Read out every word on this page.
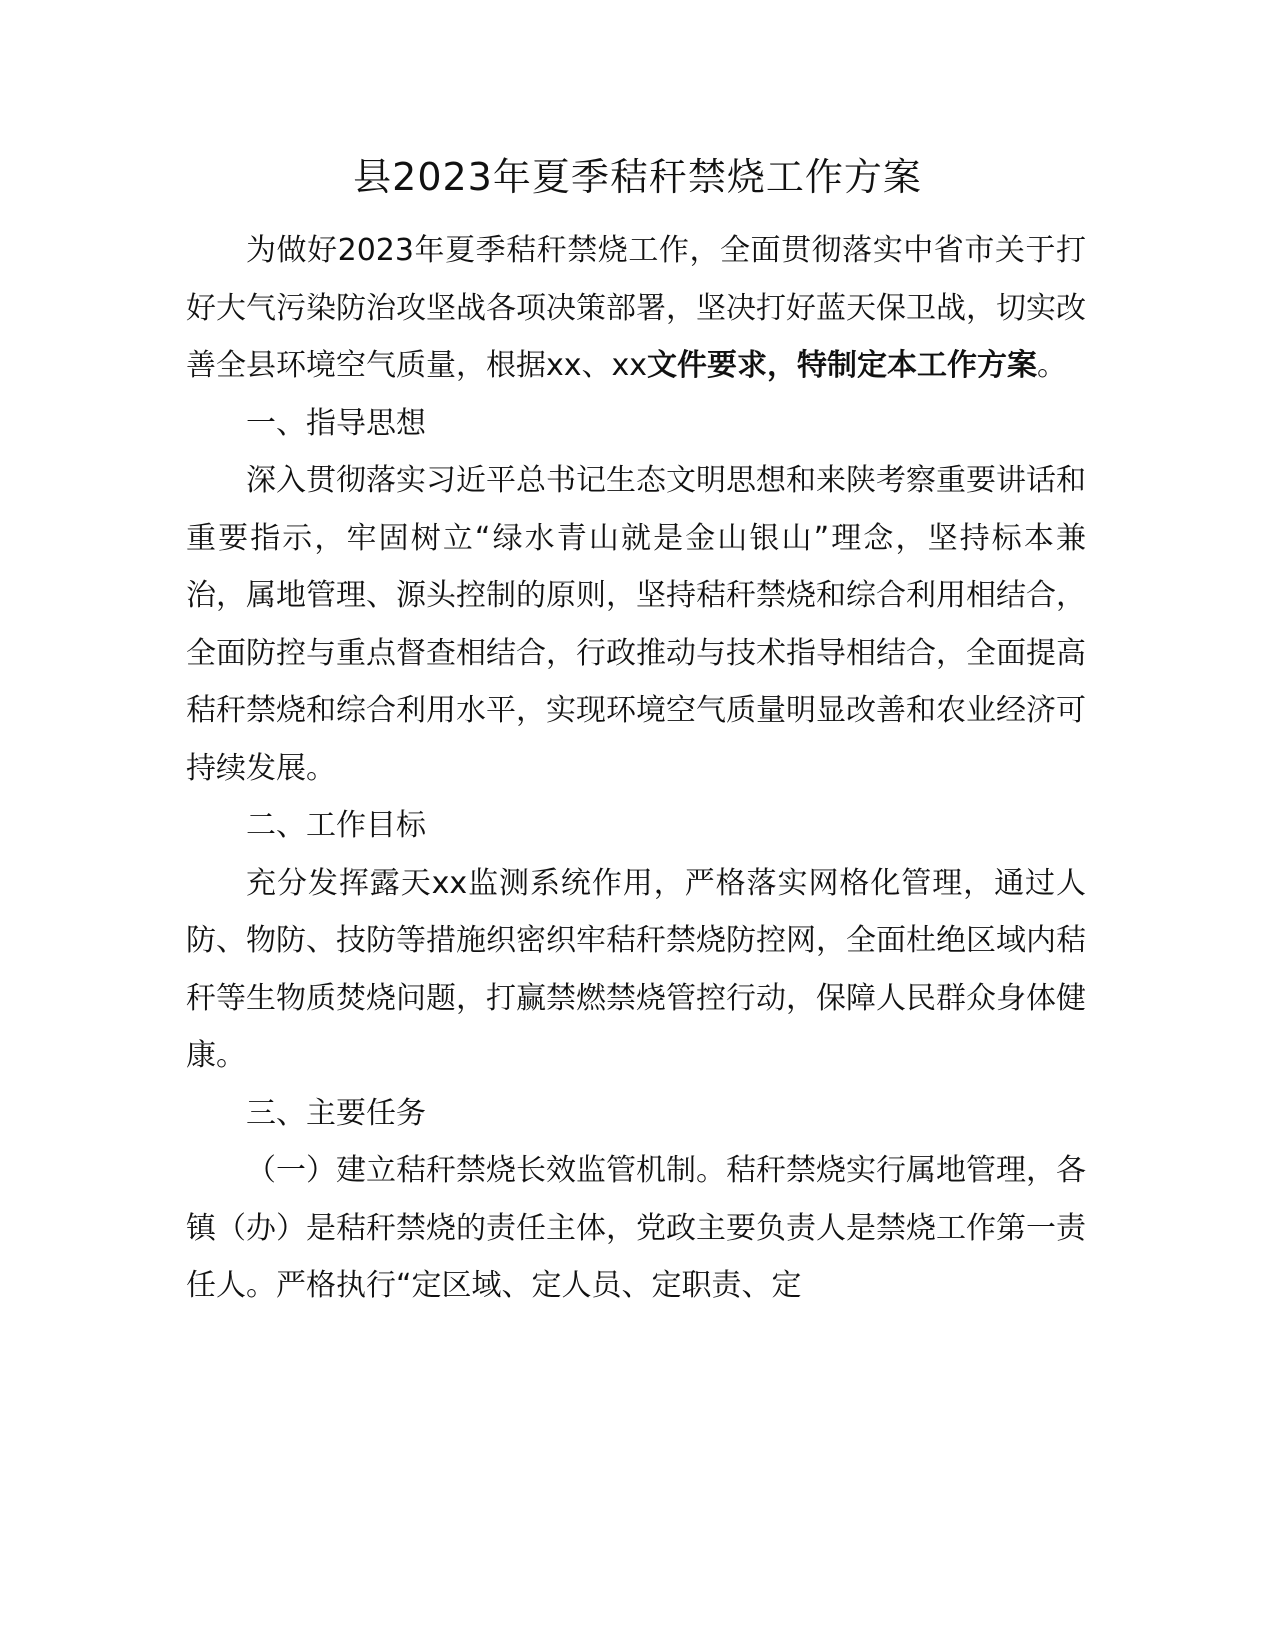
县2023年夏季秸秆禁烧工作方案

为做好2023年夏季秸秆禁烧工作，全面贯彻落实中省市关于打好大气污染防治攻坚战各项决策部署，坚决打好蓝天保卫战，切实改善全县环境空气质量，根据xx、xx文件要求，特制定本工作方案。

一、指导思想

深入贯彻落实习近平总书记生态文明思想和来陕考察重要讲话和重要指示，牢固树立“绿水青山就是金山银山”理念，坚持标本兼治，属地管理、源头控制的原则，坚持秸秆禁烧和综合利用相结合，全面防控与重点督查相结合，行政推动与技术指导相结合，全面提高秸秆禁烧和综合利用水平，实现环境空气质量明显改善和农业经济可持续发展。

二、工作目标

充分发挥露天xx监测系统作用，严格落实网格化管理，通过人防、物防、技防等措施织密织牢秸秆禁烧防控网，全面杜绝区域内秸秆等生物质焚烧问题，打赢禁燃禁烧管控行动，保障人民群众身体健康。

三、主要任务

（一）建立秸秆禁烧长效监管机制。秸秆禁烧实行属地管理，各镇（办）是秸秆禁烧的责任主体，党政主要负责人是禁烧工作第一责任人。严格执行“定区域、定人员、定职责、定
